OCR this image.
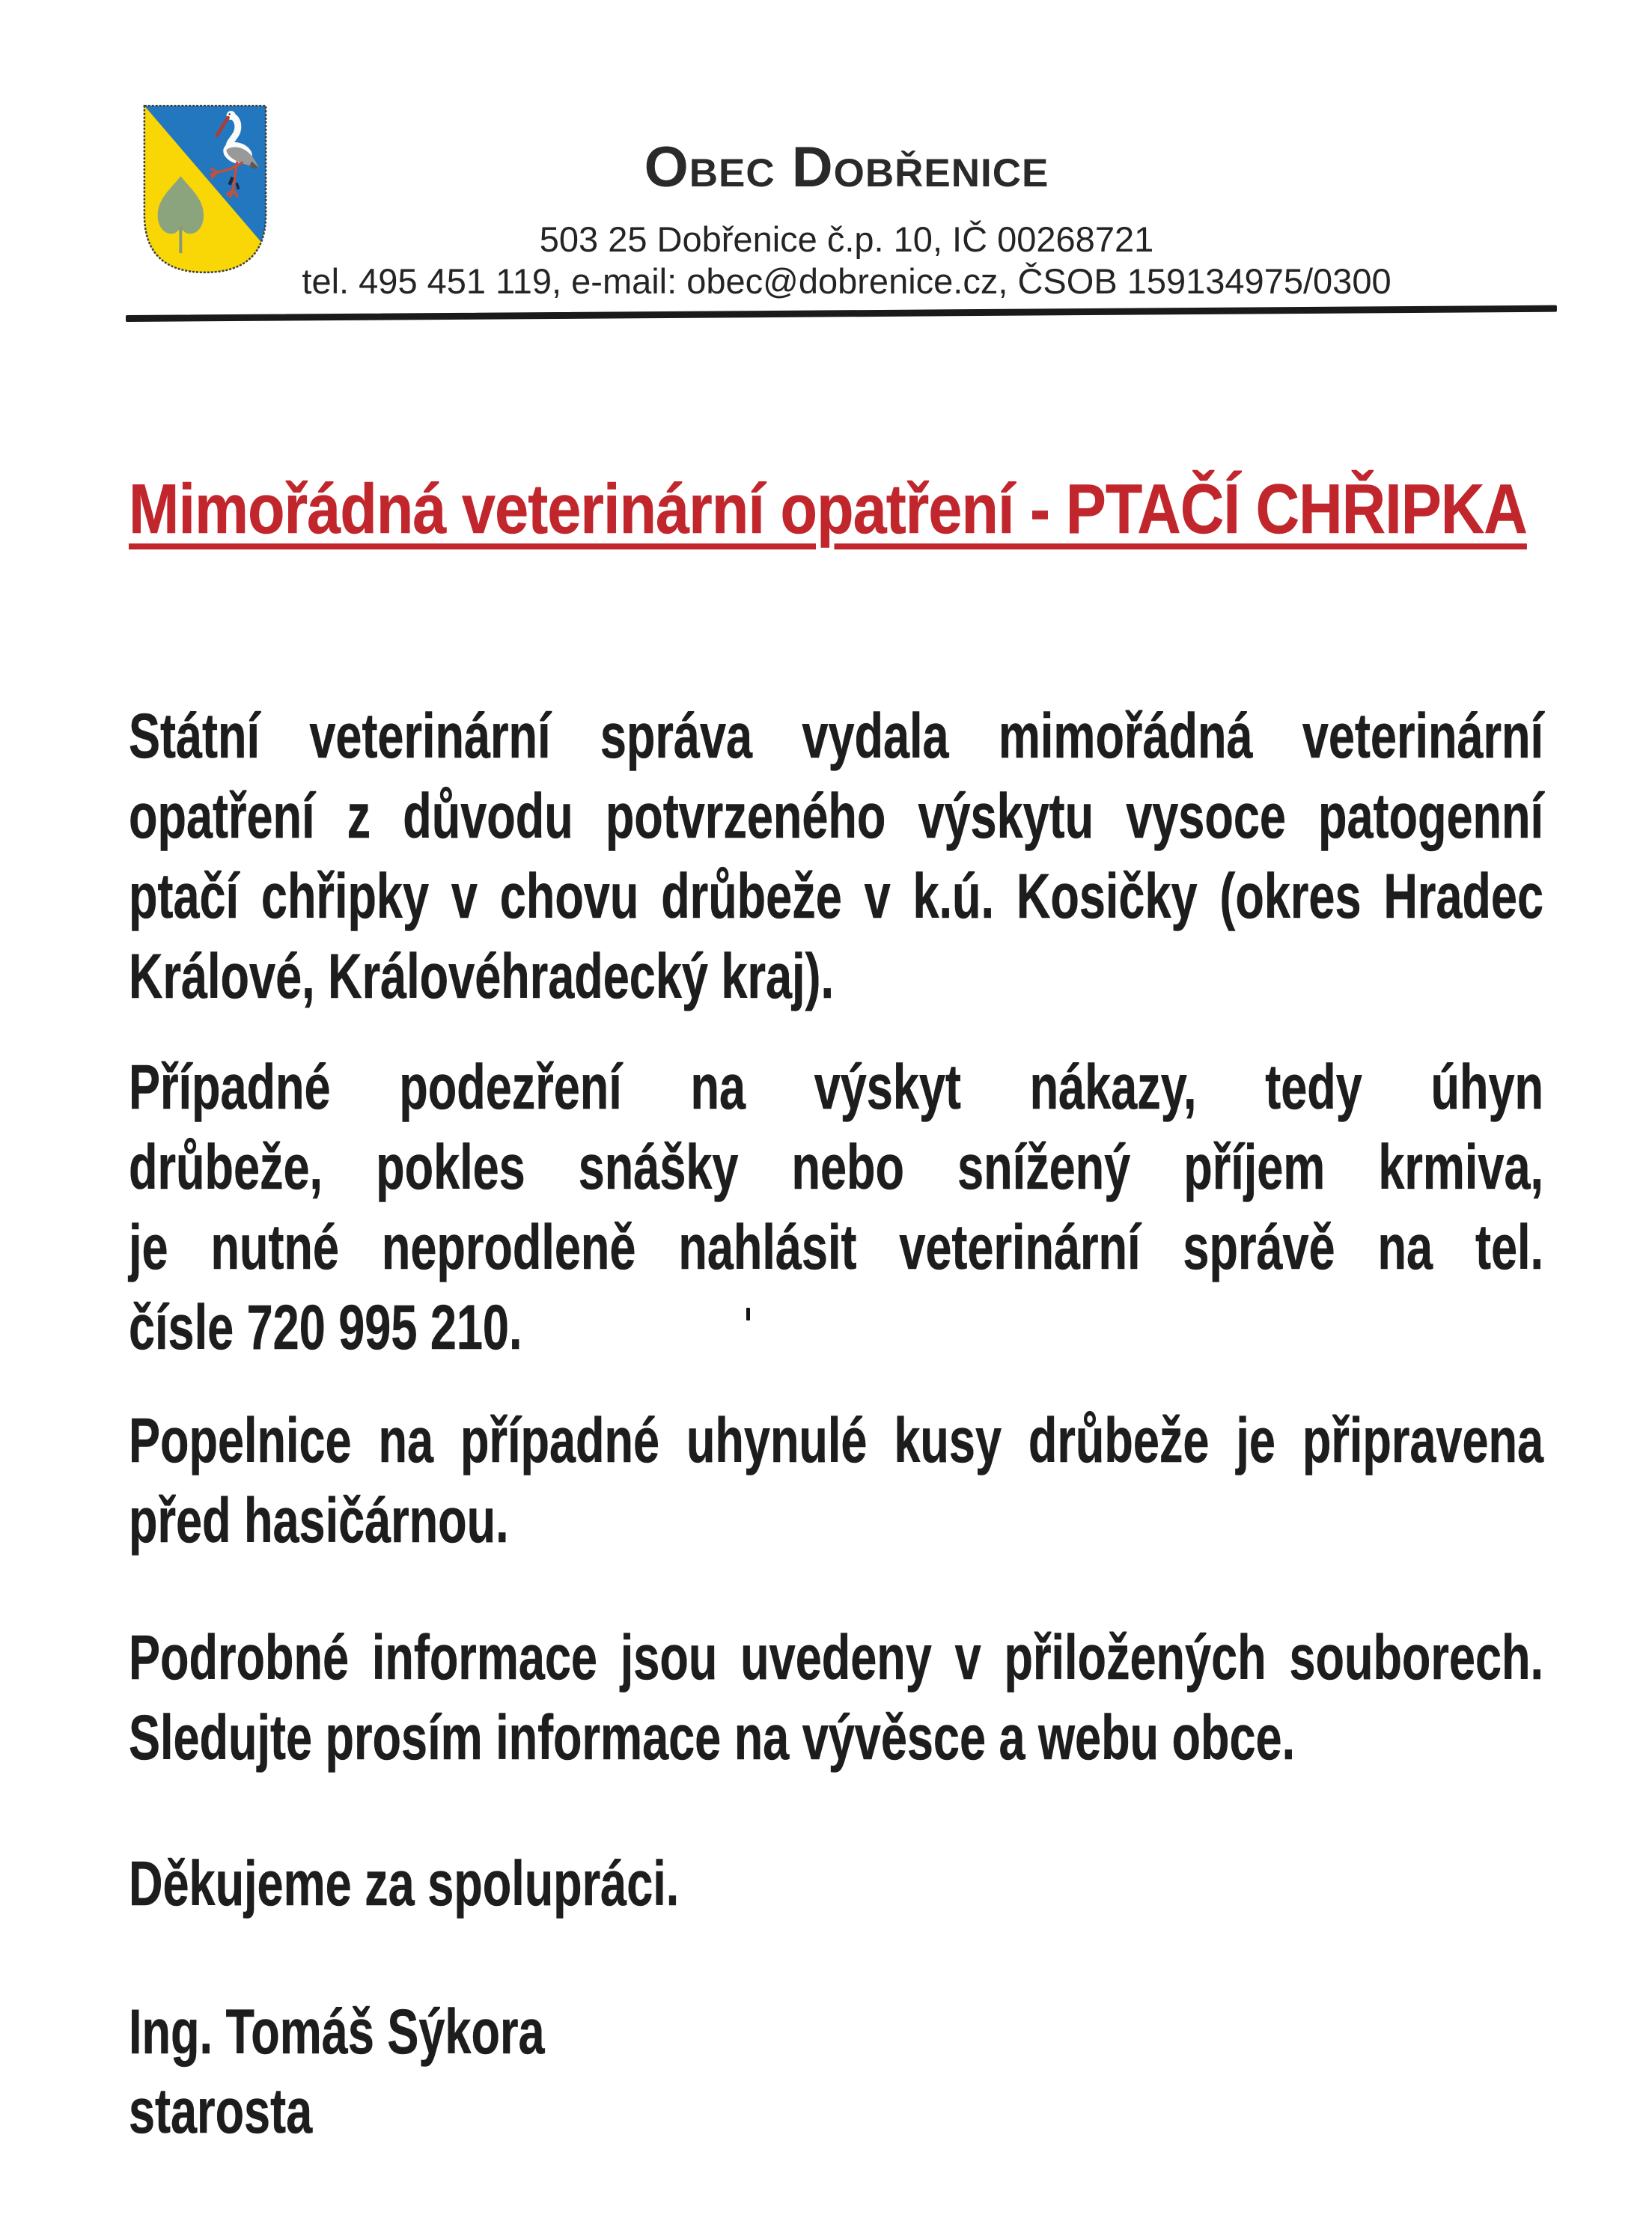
Obec Dobřenice
503 25 Dobřenice č.p. 10, IČ 00268721
tel. 495 451 119, e-mail: obec@dobrenice.cz, ČSOB 159134975/0300
Mimořádná veterinární opatření - PTAČÍ CHŘIPKA
Státní veterinární správa vydala mimořádná veterinární
opatření z důvodu potvrzeného výskytu vysoce patogenní
ptačí chřipky v chovu drůbeže v k.ú. Kosičky (okres Hradec
Králové, Královéhradecký kraj).
Případné podezření na výskyt nákazy, tedy úhyn
drůbeže, pokles snášky nebo snížený příjem krmiva,
je nutné neprodleně nahlásit veterinární správě na tel.
čísle 720 995 210.
Popelnice na případné uhynulé kusy drůbeže je připravena
před hasičárnou.
Podrobné informace jsou uvedeny v přiložených souborech.
Sledujte prosím informace na vývěsce a webu obce.
Děkujeme za spolupráci.
Ing. Tomáš Sýkora
starosta
